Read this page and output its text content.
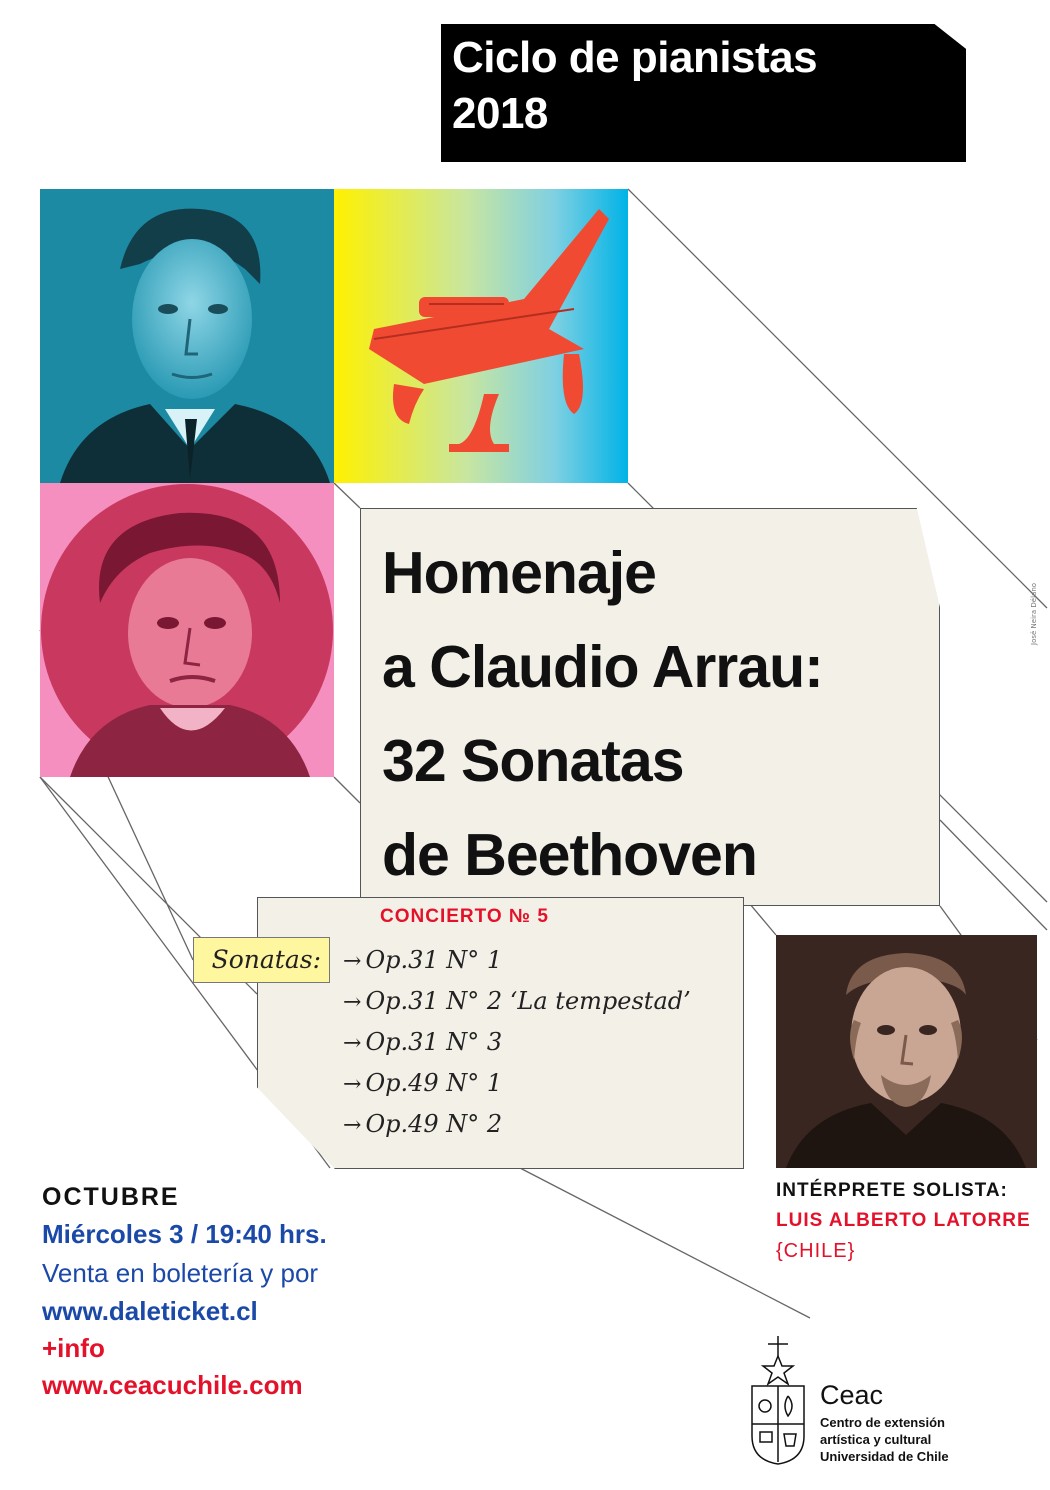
Ciclo de pianistas
2018
Homenaje
a Claudio Arrau:
32 Sonatas
de Beethoven
CONCIERTO № 5
Sonatas:	→ Op.31 N° 1
→ Op.31 N° 2 ‘La tempestad’
→ Op.31 N° 3
→ Op.49 N° 1
→ Op.49 N° 2
INTÉRPRETE SOLISTA:
LUIS ALBERTO LATORRE
{CHILE}
OCTUBRE
Miércoles 3 / 19:40 hrs.
Venta en boletería y por
www.daleticket.cl
+info
www.ceacuchile.com	Ceac
Centro de extensión
artística y cultural
Universidad de Chile
José Neira Délano
